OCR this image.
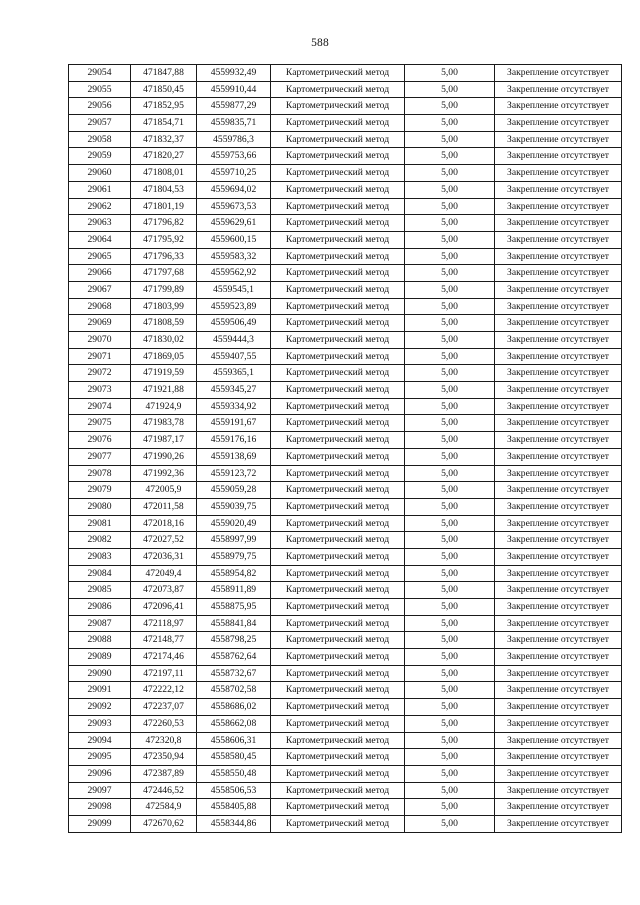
588
29054	471847,88	4559932,49	Картометрический метод	5,00	Закрепление отсутствует
29055	471850,45	4559910,44	Картометрический метод	5,00	Закрепление отсутствует
29056	471852,95	4559877,29	Картометрический метод	5,00	Закрепление отсутствует
29057	471854,71	4559835,71	Картометрический метод	5,00	Закрепление отсутствует
29058	471832,37	4559786,3	Картометрический метод	5,00	Закрепление отсутствует
29059	471820,27	4559753,66	Картометрический метод	5,00	Закрепление отсутствует
29060	471808,01	4559710,25	Картометрический метод	5,00	Закрепление отсутствует
29061	471804,53	4559694,02	Картометрический метод	5,00	Закрепление отсутствует
29062	471801,19	4559673,53	Картометрический метод	5,00	Закрепление отсутствует
29063	471796,82	4559629,61	Картометрический метод	5,00	Закрепление отсутствует
29064	471795,92	4559600,15	Картометрический метод	5,00	Закрепление отсутствует
29065	471796,33	4559583,32	Картометрический метод	5,00	Закрепление отсутствует
29066	471797,68	4559562,92	Картометрический метод	5,00	Закрепление отсутствует
29067	471799,89	4559545,1	Картометрический метод	5,00	Закрепление отсутствует
29068	471803,99	4559523,89	Картометрический метод	5,00	Закрепление отсутствует
29069	471808,59	4559506,49	Картометрический метод	5,00	Закрепление отсутствует
29070	471830,02	4559444,3	Картометрический метод	5,00	Закрепление отсутствует
29071	471869,05	4559407,55	Картометрический метод	5,00	Закрепление отсутствует
29072	471919,59	4559365,1	Картометрический метод	5,00	Закрепление отсутствует
29073	471921,88	4559345,27	Картометрический метод	5,00	Закрепление отсутствует
29074	471924,9	4559334,92	Картометрический метод	5,00	Закрепление отсутствует
29075	471983,78	4559191,67	Картометрический метод	5,00	Закрепление отсутствует
29076	471987,17	4559176,16	Картометрический метод	5,00	Закрепление отсутствует
29077	471990,26	4559138,69	Картометрический метод	5,00	Закрепление отсутствует
29078	471992,36	4559123,72	Картометрический метод	5,00	Закрепление отсутствует
29079	472005,9	4559059,28	Картометрический метод	5,00	Закрепление отсутствует
29080	472011,58	4559039,75	Картометрический метод	5,00	Закрепление отсутствует
29081	472018,16	4559020,49	Картометрический метод	5,00	Закрепление отсутствует
29082	472027,52	4558997,99	Картометрический метод	5,00	Закрепление отсутствует
29083	472036,31	4558979,75	Картометрический метод	5,00	Закрепление отсутствует
29084	472049,4	4558954,82	Картометрический метод	5,00	Закрепление отсутствует
29085	472073,87	4558911,89	Картометрический метод	5,00	Закрепление отсутствует
29086	472096,41	4558875,95	Картометрический метод	5,00	Закрепление отсутствует
29087	472118,97	4558841,84	Картометрический метод	5,00	Закрепление отсутствует
29088	472148,77	4558798,25	Картометрический метод	5,00	Закрепление отсутствует
29089	472174,46	4558762,64	Картометрический метод	5,00	Закрепление отсутствует
29090	472197,11	4558732,67	Картометрический метод	5,00	Закрепление отсутствует
29091	472222,12	4558702,58	Картометрический метод	5,00	Закрепление отсутствует
29092	472237,07	4558686,02	Картометрический метод	5,00	Закрепление отсутствует
29093	472260,53	4558662,08	Картометрический метод	5,00	Закрепление отсутствует
29094	472320,8	4558606,31	Картометрический метод	5,00	Закрепление отсутствует
29095	472350,94	4558580,45	Картометрический метод	5,00	Закрепление отсутствует
29096	472387,89	4558550,48	Картометрический метод	5,00	Закрепление отсутствует
29097	472446,52	4558506,53	Картометрический метод	5,00	Закрепление отсутствует
29098	472584,9	4558405,88	Картометрический метод	5,00	Закрепление отсутствует
29099	472670,62	4558344,86	Картометрический метод	5,00	Закрепление отсутствует
